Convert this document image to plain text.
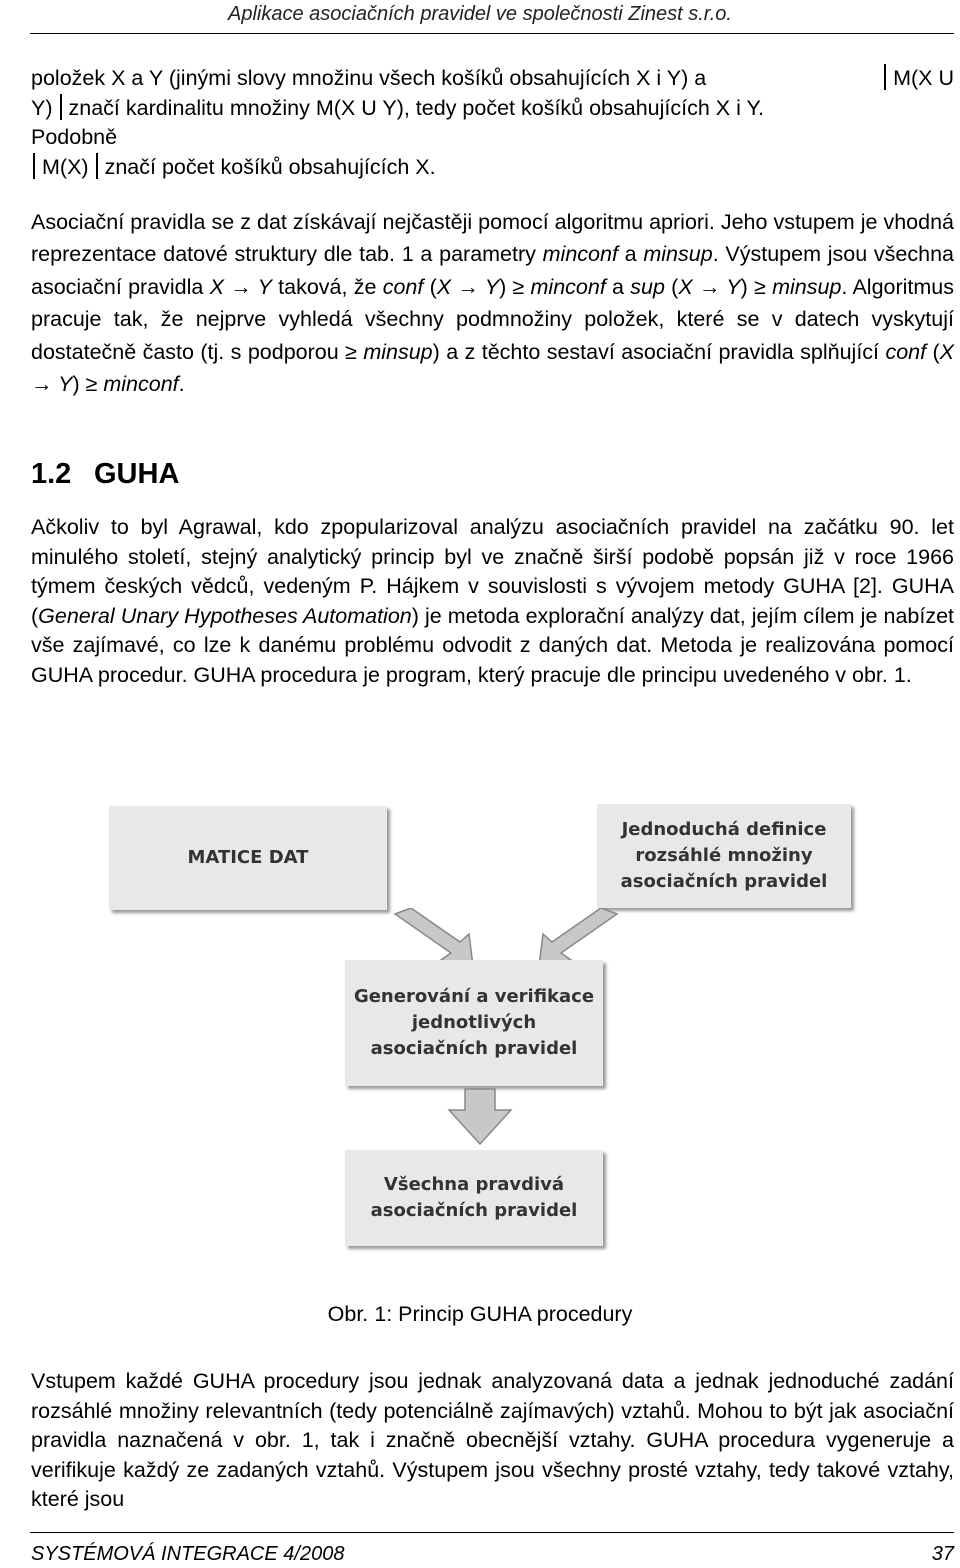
Aplikace asociačních pravidel ve společnosti Zinest s.r.o.
položek X a Y (jinými slovy množinu všech košíků obsahujících X i Y) a	M(X U
Y) značí kardinalitu množiny M(X U Y), tedy počet košíků obsahujících X i Y.
Podobně
M(X) značí počet košíků obsahujících X.
Asociační pravidla se z dat získávají nejčastěji pomocí algoritmu apriori. Jeho vstupem je vhodná reprezentace datové struktury dle tab. 1 a parametry minconf a minsup. Výstupem jsou všechna asociační pravidla X → Y taková, že conf (X → Y) ≥ minconf a sup (X → Y) ≥ minsup. Algoritmus pracuje tak, že nejprve vyhledá všechny podmnožiny položek, které se v datech vyskytují dostatečně často (tj. s podporou ≥ minsup) a z těchto sestaví asociační pravidla splňující conf (X → Y) ≥ minconf.
1.2 GUHA
Ačkoliv to byl Agrawal, kdo zpopularizoval analýzu asociačních pravidel na začátku 90. let minulého století, stejný analytický princip byl ve značně širší podobě popsán již v roce 1966 týmem českých vědců, vedeným P. Hájkem v souvislosti s vývojem metody GUHA [2]. GUHA (General Unary Hypotheses Automation) je metoda explorační analýzy dat, jejím cílem je nabízet vše zajímavé, co lze k danému problému odvodit z daných dat. Metoda je realizována pomocí GUHA procedur. GUHA procedura je program, který pracuje dle principu uvedeného v obr. 1.
MATICE DAT
Jednoduchá definice
rozsáhlé množiny
asociačních pravidel
Generování a verifikace
jednotlivých
asociačních pravidel
Všechna pravdivá
asociačních pravidel
Obr. 1: Princip GUHA procedury
Vstupem každé GUHA procedury jsou jednak analyzovaná data a jednak jednoduché zadání rozsáhlé množiny relevantních (tedy potenciálně zajímavých) vztahů. Mohou to být jak asociační pravidla naznačená v obr. 1, tak i značně obecnější vztahy. GUHA procedura vygeneruje a verifikuje každý ze zadaných vztahů. Výstupem jsou všechny prosté vztahy, tedy takové vztahy, které jsou
SYSTÉMOVÁ INTEGRACE 4/2008	37
